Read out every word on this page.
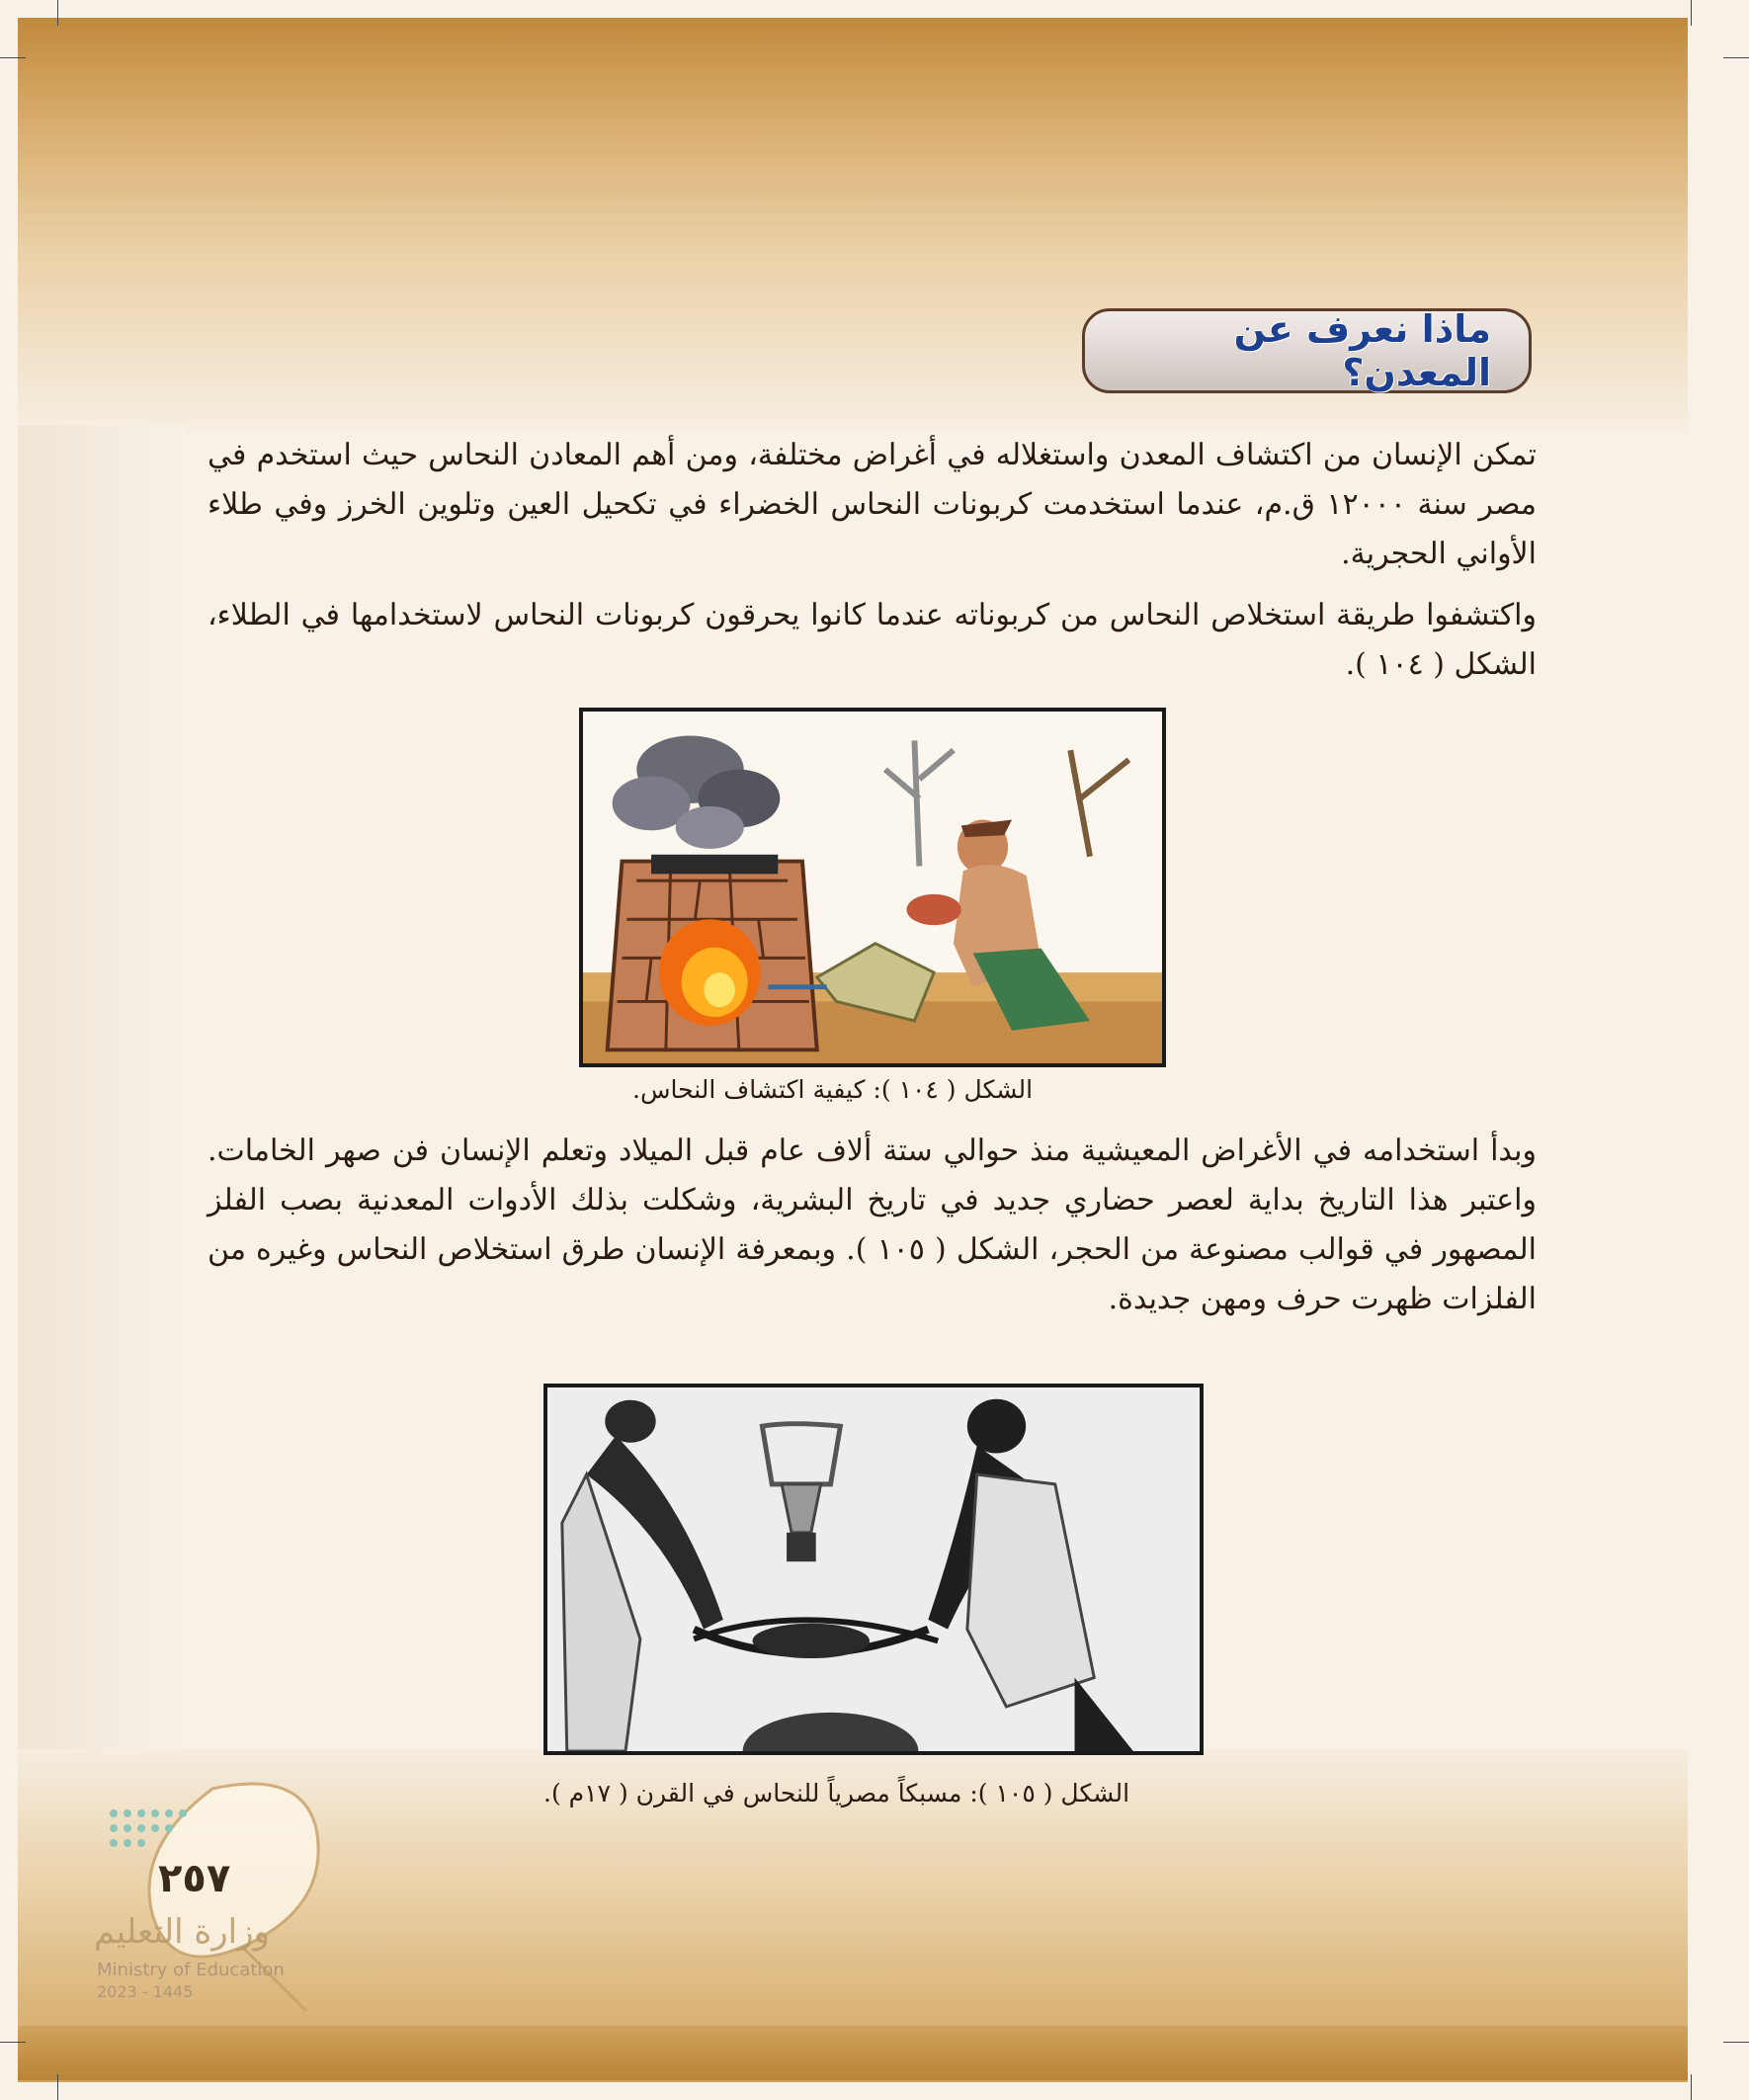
ماذا نعرف عن المعدن؟

تمكن الإنسان من اكتشاف المعدن واستغلاله في أغراض مختلفة، ومن أهم المعادن النحاس حيث استخدم في مصر سنة ١٢٠٠٠ ق.م، عندما استخدمت كربونات النحاس الخضراء في تكحيل العين وتلوين الخرز وفي طلاء الأواني الحجرية.

واكتشفوا طريقة استخلاص النحاس من كربوناته عندما كانوا يحرقون كربونات النحاس لاستخدامها في الطلاء، الشكل ( ١٠٤ ).

الشكل ( ١٠٤ ): كيفية اكتشاف النحاس.

وبدأ استخدامه في الأغراض المعيشية منذ حوالي ستة ألاف عام قبل الميلاد وتعلم الإنسان فن صهر الخامات. واعتبر هذا التاريخ بداية لعصر حضاري جديد في تاريخ البشرية، وشكلت بذلك الأدوات المعدنية بصب الفلز المصهور في قوالب مصنوعة من الحجر، الشكل ( ١٠٥ ). وبمعرفة الإنسان طرق استخلاص النحاس وغيره من الفلزات ظهرت حرف ومهن جديدة.

الشكل ( ١٠٥ ): مسبكاً مصرياً للنحاس في القرن ( ١٧م ).
٢٥٧
وزارة التعليم
Ministry of Education
2023 - 1445
